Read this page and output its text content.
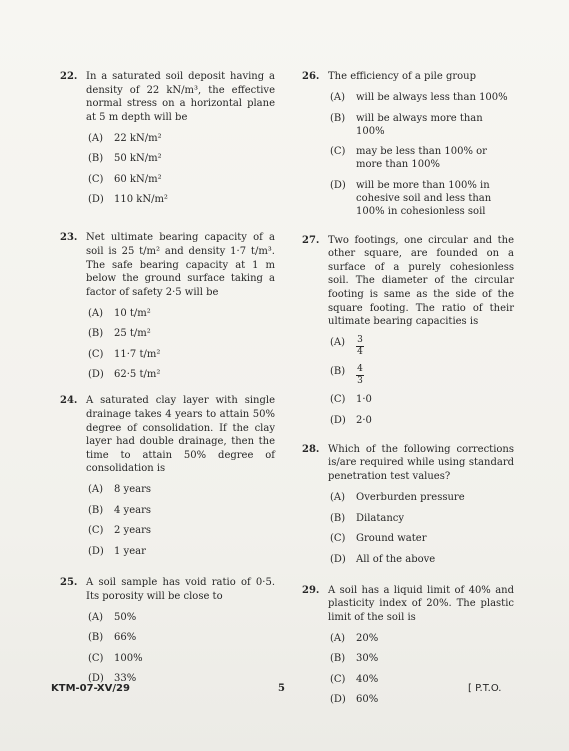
22. In a saturated soil deposit having a density of 22 kN/m³, the effective normal stress on a horizontal plane at 5 m depth will be
(A)	22 kN/m²
(B)	50 kN/m²
(C)	60 kN/m²
(D)	110 kN/m²
23. Net ultimate bearing capacity of a soil is 25 t/m² and density 1·7 t/m³. The safe bearing capacity at 1 m below the ground surface taking a factor of safety 2·5 will be
(A)	10 t/m²
(B)	25 t/m²
(C)	11·7 t/m²
(D)	62·5 t/m²
24. A saturated clay layer with single drainage takes 4 years to attain 50% degree of consolidation. If the clay layer had double drainage, then the time to attain 50% degree of consolidation is
(A)	8 years
(B)	4 years
(C)	2 years
(D)	1 year
25. A soil sample has void ratio of 0·5. Its porosity will be close to
(A)	50%
(B)	66%
(C)	100%
(D)	33%
26. The efficiency of a pile group
(A)	will be always less than 100%
(B)	will be always more than 100%
(C)	may be less than 100% or more than 100%
(D)	will be more than 100% in cohesive soil and less than 100% in cohesionless soil
27. Two footings, one circular and the other square, are founded on a surface of a purely cohesionless soil. The diameter of the circular footing is same as the side of the square footing. The ratio of their ultimate bearing capacities is
(A)	$\frac{3}{4}$
(B)	$\frac{4}{3}$
(C)	1·0
(D)	2·0
28. Which of the following corrections is/are required while using standard penetration test values?
(A)	Overburden pressure
(B)	Dilatancy
(C)	Ground water
(D)	All of the above
29. A soil has a liquid limit of 40% and plasticity index of 20%. The plastic limit of the soil is
(A)	20%
(B)	30%
(C)	40%
(D)	60%
KTM-07-XV/29	5	[ P.T.O.
